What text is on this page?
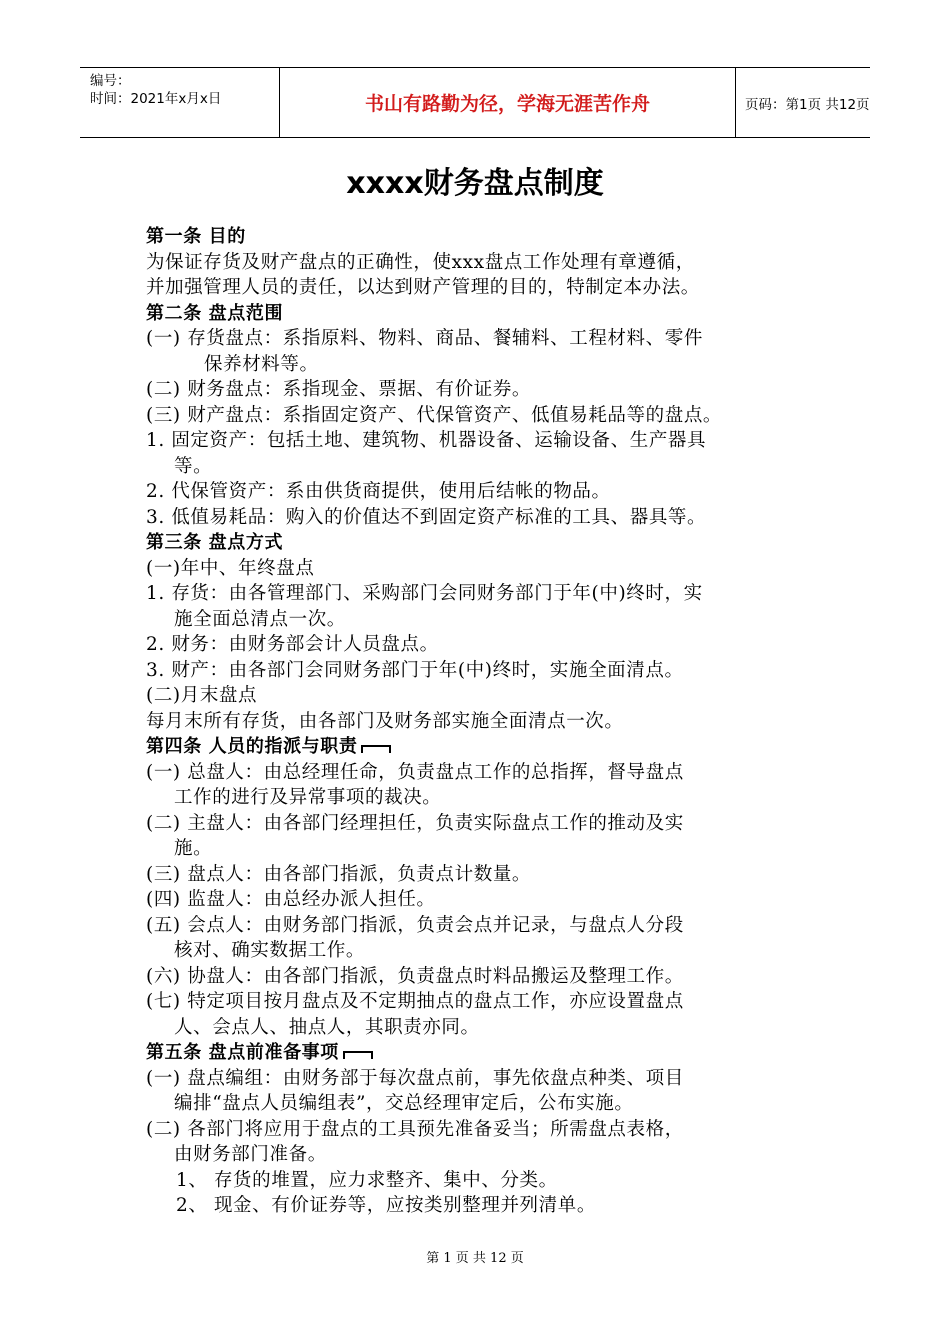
编号：
时间：2021年x月x日	书山有路勤为径，学海无涯苦作舟	页码：第1页 共12页
xxxx财务盘点制度

第一条 目的

为保证存货及财产盘点的正确性，使xxx盘点工作处理有章遵循，

并加强管理人员的责任，以达到财产管理的目的，特制定本办法。

第二条 盘点范围

(一) 存货盘点：系指原料、物料、商品、餐辅料、工程材料、零件

保养材料等。

(二) 财务盘点：系指现金、票据、有价证券。

(三) 财产盘点：系指固定资产、代保管资产、低值易耗品等的盘点。

1. 固定资产：包括土地、建筑物、机器设备、运输设备、生产器具

等。

2. 代保管资产：系由供货商提供，使用后结帐的物品。

3. 低值易耗品：购入的价值达不到固定资产标准的工具、器具等。

第三条 盘点方式

(一)年中、年终盘点

1. 存货：由各管理部门、采购部门会同财务部门于年(中)终时，实

施全面总清点一次。

2. 财务：由财务部会计人员盘点。

3. 财产：由各部门会同财务部门于年(中)终时，实施全面清点。

(二)月末盘点

每月末所有存货，由各部门及财务部实施全面清点一次。

第四条 人员的指派与职责

(一) 总盘人：由总经理任命，负责盘点工作的总指挥，督导盘点

工作的进行及异常事项的裁决。

(二) 主盘人：由各部门经理担任，负责实际盘点工作的推动及实

施。

(三) 盘点人：由各部门指派，负责点计数量。

(四) 监盘人：由总经办派人担任。

(五) 会点人：由财务部门指派，负责会点并记录，与盘点人分段

核对、确实数据工作。

(六) 协盘人：由各部门指派，负责盘点时料品搬运及整理工作。

(七) 特定项目按月盘点及不定期抽点的盘点工作，亦应设置盘点

人、会点人、抽点人，其职责亦同。

第五条 盘点前准备事项

(一) 盘点编组：由财务部于每次盘点前，事先依盘点种类、项目

编排“盘点人员编组表”，交总经理审定后，公布实施。

(二) 各部门将应用于盘点的工具预先准备妥当；所需盘点表格，

由财务部门准备。

1、 存货的堆置，应力求整齐、集中、分类。

2、 现金、有价证券等，应按类别整理并列清单。

第 1 页 共 12 页
